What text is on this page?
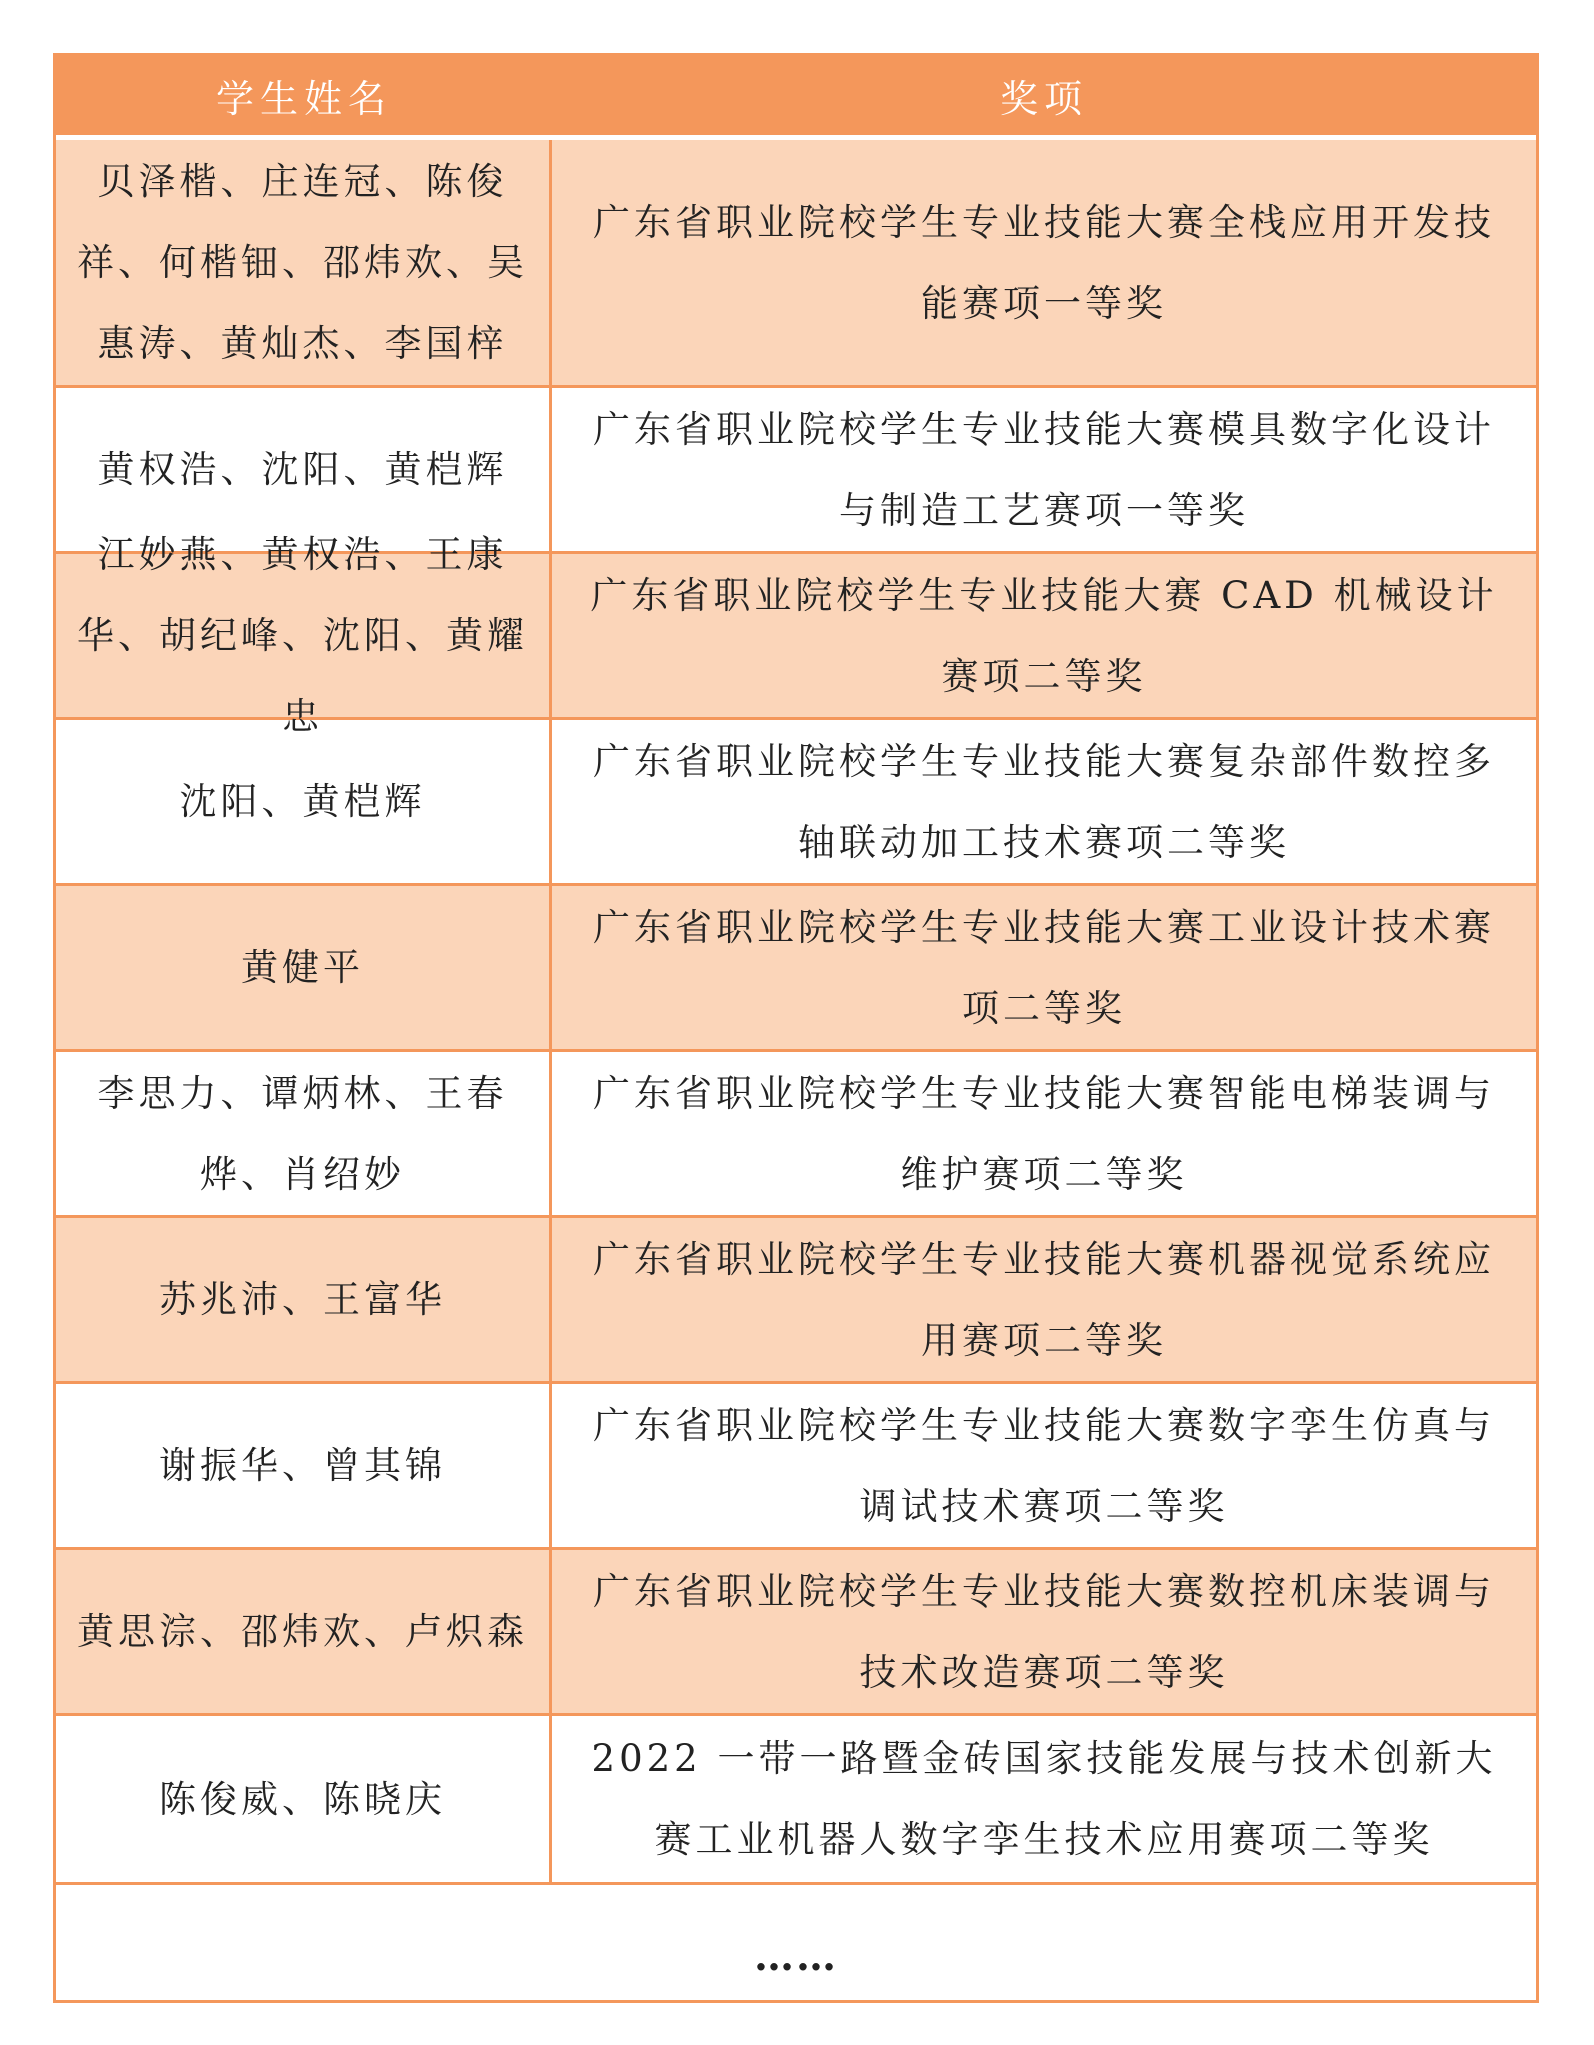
学生姓名	奖项
贝泽楷、庄连冠、陈俊祥、何楷钿、邵炜欢、吴惠涛、黄灿杰、李国梓
广东省职业院校学生专业技能大赛全栈应用开发技能赛项一等奖
黄权浩、沈阳、黄桤辉
广东省职业院校学生专业技能大赛模具数字化设计与制造工艺赛项一等奖
江妙燕、黄权浩、王康华、胡纪峰、沈阳、黄耀忠
广东省职业院校学生专业技能大赛 CAD 机械设计赛项二等奖
沈阳、黄桤辉
广东省职业院校学生专业技能大赛复杂部件数控多轴联动加工技术赛项二等奖
黄健平
广东省职业院校学生专业技能大赛工业设计技术赛项二等奖
李思力、谭炳林、王春烨、肖绍妙
广东省职业院校学生专业技能大赛智能电梯装调与维护赛项二等奖
苏兆沛、王富华
广东省职业院校学生专业技能大赛机器视觉系统应用赛项二等奖
谢振华、曾其锦
广东省职业院校学生专业技能大赛数字孪生仿真与调试技术赛项二等奖
黄思淙、邵炜欢、卢炽森
广东省职业院校学生专业技能大赛数控机床装调与技术改造赛项二等奖
陈俊威、陈晓庆
2022 一带一路暨金砖国家技能发展与技术创新大赛工业机器人数字孪生技术应用赛项二等奖
……
